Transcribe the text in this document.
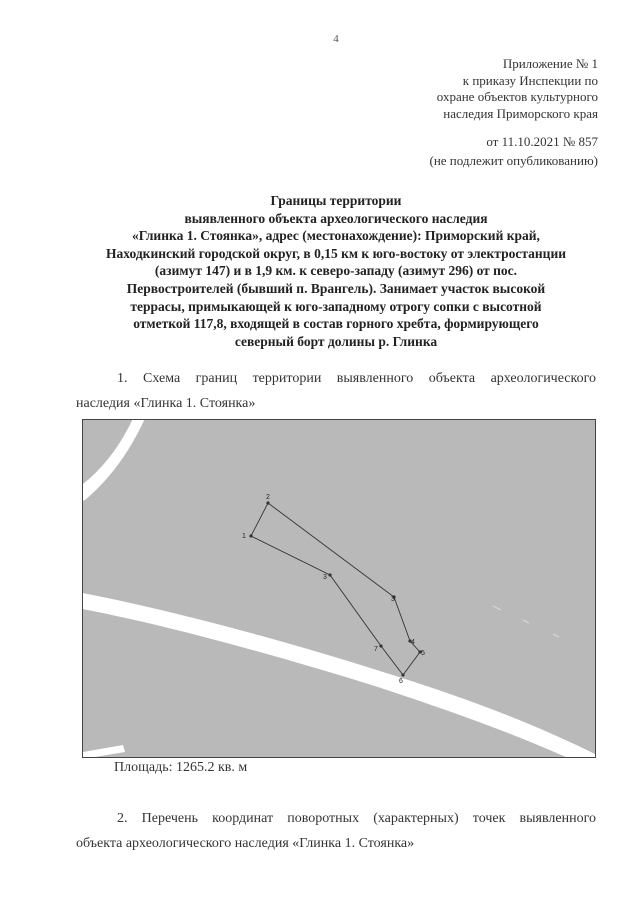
4
Приложение № 1
к приказу Инспекции по
охране объектов культурного
наследия Приморского края
от 11.10.2021 № 857
(не подлежит опубликованию)
Границы территории
выявленного объекта археологического наследия
«Глинка 1. Стоянка», адрес (местонахождение): Приморский край,
Находкинский городской округ, в 0,15 км к юго-востоку от электростанции
(азимут 147) и в 1,9 км. к северо-западу (азимут 296) от пос.
Первостроителей (бывший п. Врангель). Занимает участок высокой
террасы, примыкающей к юго-западному отрогу сопки с высотной
отметкой 117,8, входящей в состав горного хребта, формирующего
северный борт долины р. Глинка
1. Схема границ территории выявленного объекта археологического
наследия «Глинка 1. Стоянка»
1
2
3
3
4
5
6
7
Площадь: 1265.2 кв. м
2. Перечень координат поворотных (характерных) точек выявленного
объекта археологического наследия «Глинка 1. Стоянка»
